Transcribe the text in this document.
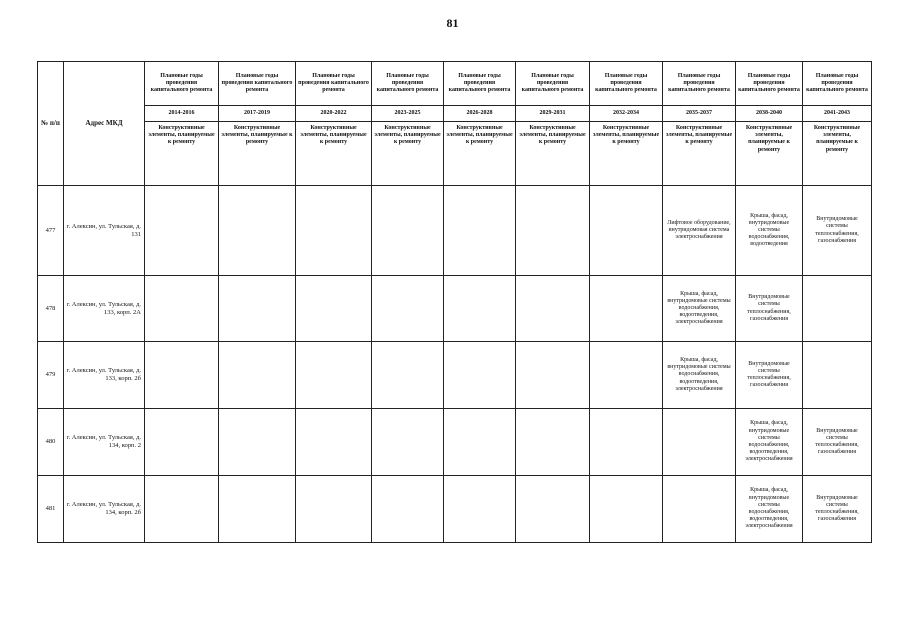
81
№ п/п	Адрес МКД	Плановые годы проведения капитального ремонта	Плановые годы проведения капитального ремонта	Плановые годы проведения капитального ремонта	Плановые годы проведения капитального ремонта	Плановые годы проведения капитального ремонта	Плановые годы проведения капитального ремонта	Плановые годы проведения капитального ремонта	Плановые годы проведения капитального ремонта	Плановые годы проведения капитального ремонта	Плановые годы проведения капитального ремонта
		2014-2016	2017-2019	2020-2022	2023-2025	2026-2028	2029-2031	2032-2034	2035-2037	2038-2040	2041-2043
		Конструктивные элементы, планируемые к ремонту	Конструктивные элементы, планируемые к ремонту	Конструктивные элементы, планируемые к ремонту	Конструктивные элементы, планируемые к ремонту	Конструктивные элементы, планируемые к ремонту	Конструктивные элементы, планируемые к ремонту	Конструктивные элементы, планируемые к ремонту	Конструктивные элементы, планируемые к ремонту	Конструктивные элементы, планируемые к ремонту	Конструктивные элементы, планируемые к ремонту
477	г. Алексин, ул. Тульская, д. 131								Лифтовое оборудование, внутридомовая система электроснабжения	Крыша, фасад, внутридомовые системы водоснабжения, водоотведения	Внутридомовые системы теплоснабжения, газоснабжения
478	г. Алексин, ул. Тульская, д. 133, корп. 2А								Крыша, фасад, внутридомовые системы водоснабжения, водоотведения, электроснабжения	Внутридомовые системы теплоснабжения, газоснабжения	
479	г. Алексин, ул. Тульская, д. 133, корп. 2б								Крыша, фасад, внутридомовые системы водоснабжения, водоотведения, электроснабжения	Внутридомовые системы теплоснабжения, газоснабжения	
480	г. Алексин, ул. Тульская, д. 134, корп. 2									Крыша, фасад, внутридомовые системы водоснабжения, водоотведения, электроснабжения	Внутридомовые системы теплоснабжения, газоснабжения
481	г. Алексин, ул. Тульская, д. 134, корп. 2б									Крыша, фасад, внутридомовые системы водоснабжения, водоотведения, электроснабжения	Внутридомовые системы теплоснабжения, газоснабжения
